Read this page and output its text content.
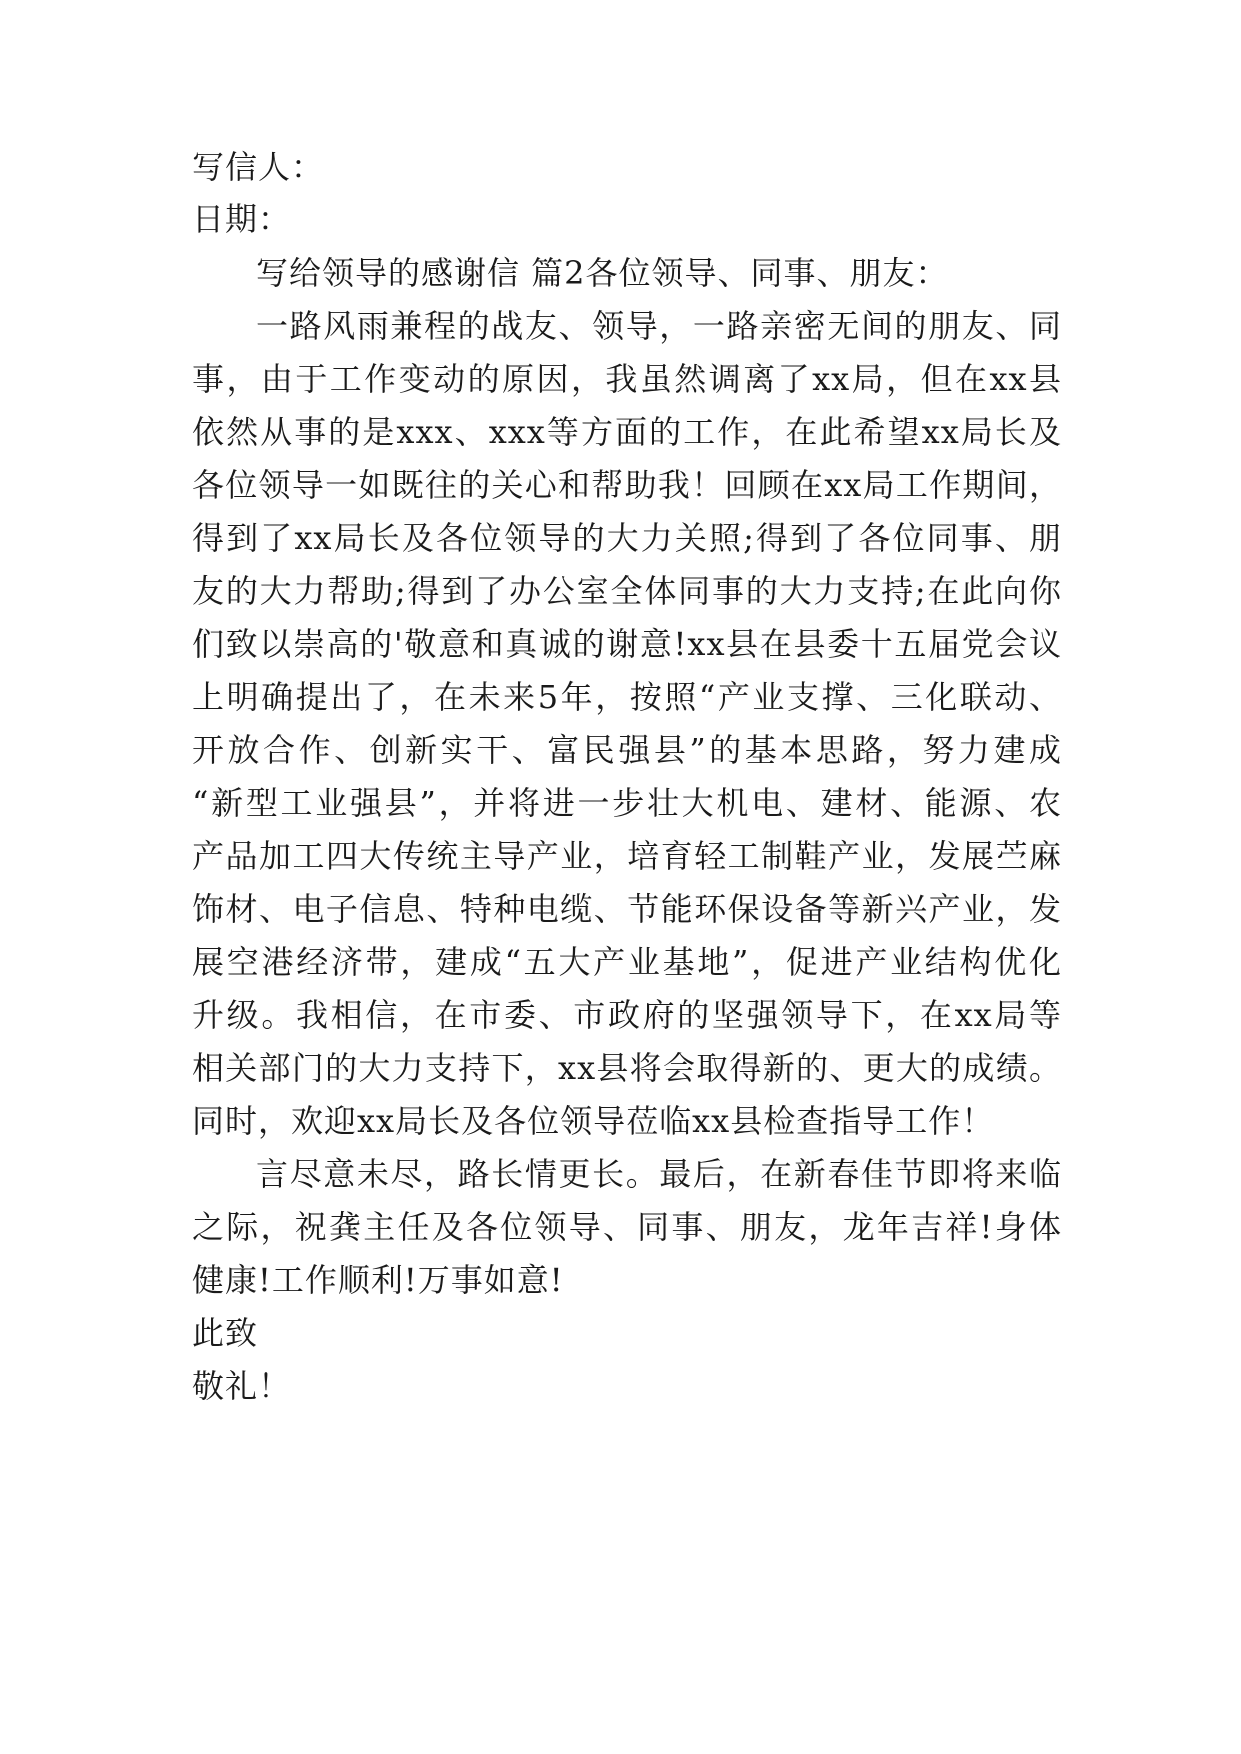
写信人：
日期：
写给领导的感谢信 篇2各位领导、同事、朋友：
一路风雨兼程的战友、领导，一路亲密无间的朋友、同
事，由于工作变动的原因，我虽然调离了xx局，但在xx县
依然从事的是xxx、xxx等方面的工作，在此希望xx局长及
各位领导一如既往的关心和帮助我！回顾在xx局工作期间，
得到了xx局长及各位领导的大力关照;得到了各位同事、朋
友的大力帮助;得到了办公室全体同事的大力支持;在此向你
们致以崇高的'敬意和真诚的谢意!xx县在县委十五届党会议
上明确提出了，在未来5年，按照“产业支撑、三化联动、
开放合作、创新实干、富民强县”的基本思路，努力建成
“新型工业强县”，并将进一步壮大机电、建材、能源、农
产品加工四大传统主导产业，培育轻工制鞋产业，发展苎麻
饰材、电子信息、特种电缆、节能环保设备等新兴产业，发
展空港经济带，建成“五大产业基地”，促进产业结构优化
升级。我相信，在市委、市政府的坚强领导下，在xx局等
相关部门的大力支持下，xx县将会取得新的、更大的成绩。
同时，欢迎xx局长及各位领导莅临xx县检查指导工作！
言尽意未尽，路长情更长。最后，在新春佳节即将来临
之际，祝龚主任及各位领导、同事、朋友，龙年吉祥!身体
健康!工作顺利!万事如意!
此致
敬礼！
